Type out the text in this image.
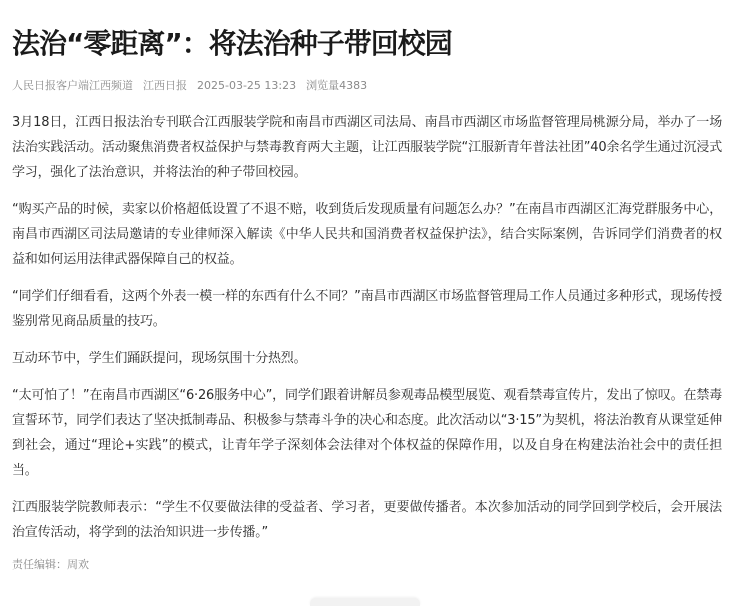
法治“零距离”：将法治种子带回校园
人民日报客户端江西频道 江西日报 2025-03-25 13:23 浏览量4383

3月18日，江西日报法治专刊联合江西服装学院和南昌市西湖区司法局、南昌市西湖区市场监督管理局桃源分局，举办了一场法治实践活动。活动聚焦消费者权益保护与禁毒教育两大主题，让江西服装学院“江服新青年普法社团”40余名学生通过沉浸式学习，强化了法治意识，并将法治的种子带回校园。

“购买产品的时候，卖家以价格超低设置了不退不赔，收到货后发现质量有问题怎么办？”在南昌市西湖区汇海党群服务中心，南昌市西湖区司法局邀请的专业律师深入解读《中华人民共和国消费者权益保护法》，结合实际案例，告诉同学们消费者的权益和如何运用法律武器保障自己的权益。

“同学们仔细看看，这两个外表一模一样的东西有什么不同？”南昌市西湖区市场监督管理局工作人员通过多种形式，现场传授鉴别常见商品质量的技巧。

互动环节中，学生们踊跃提问，现场氛围十分热烈。

“太可怕了！”在南昌市西湖区“6·26服务中心”，同学们跟着讲解员参观毒品模型展览、观看禁毒宣传片，发出了惊叹。在禁毒宣誓环节，同学们表达了坚决抵制毒品、积极参与禁毒斗争的决心和态度。此次活动以“3·15”为契机，将法治教育从课堂延伸到社会，通过“理论+实践”的模式，让青年学子深刻体会法律对个体权益的保障作用，以及自身在构建法治社会中的责任担当。

江西服装学院教师表示：“学生不仅要做法律的受益者、学习者，更要做传播者。本次参加活动的同学回到学校后，会开展法治宣传活动，将学到的法治知识进一步传播。”

责任编辑：周欢
